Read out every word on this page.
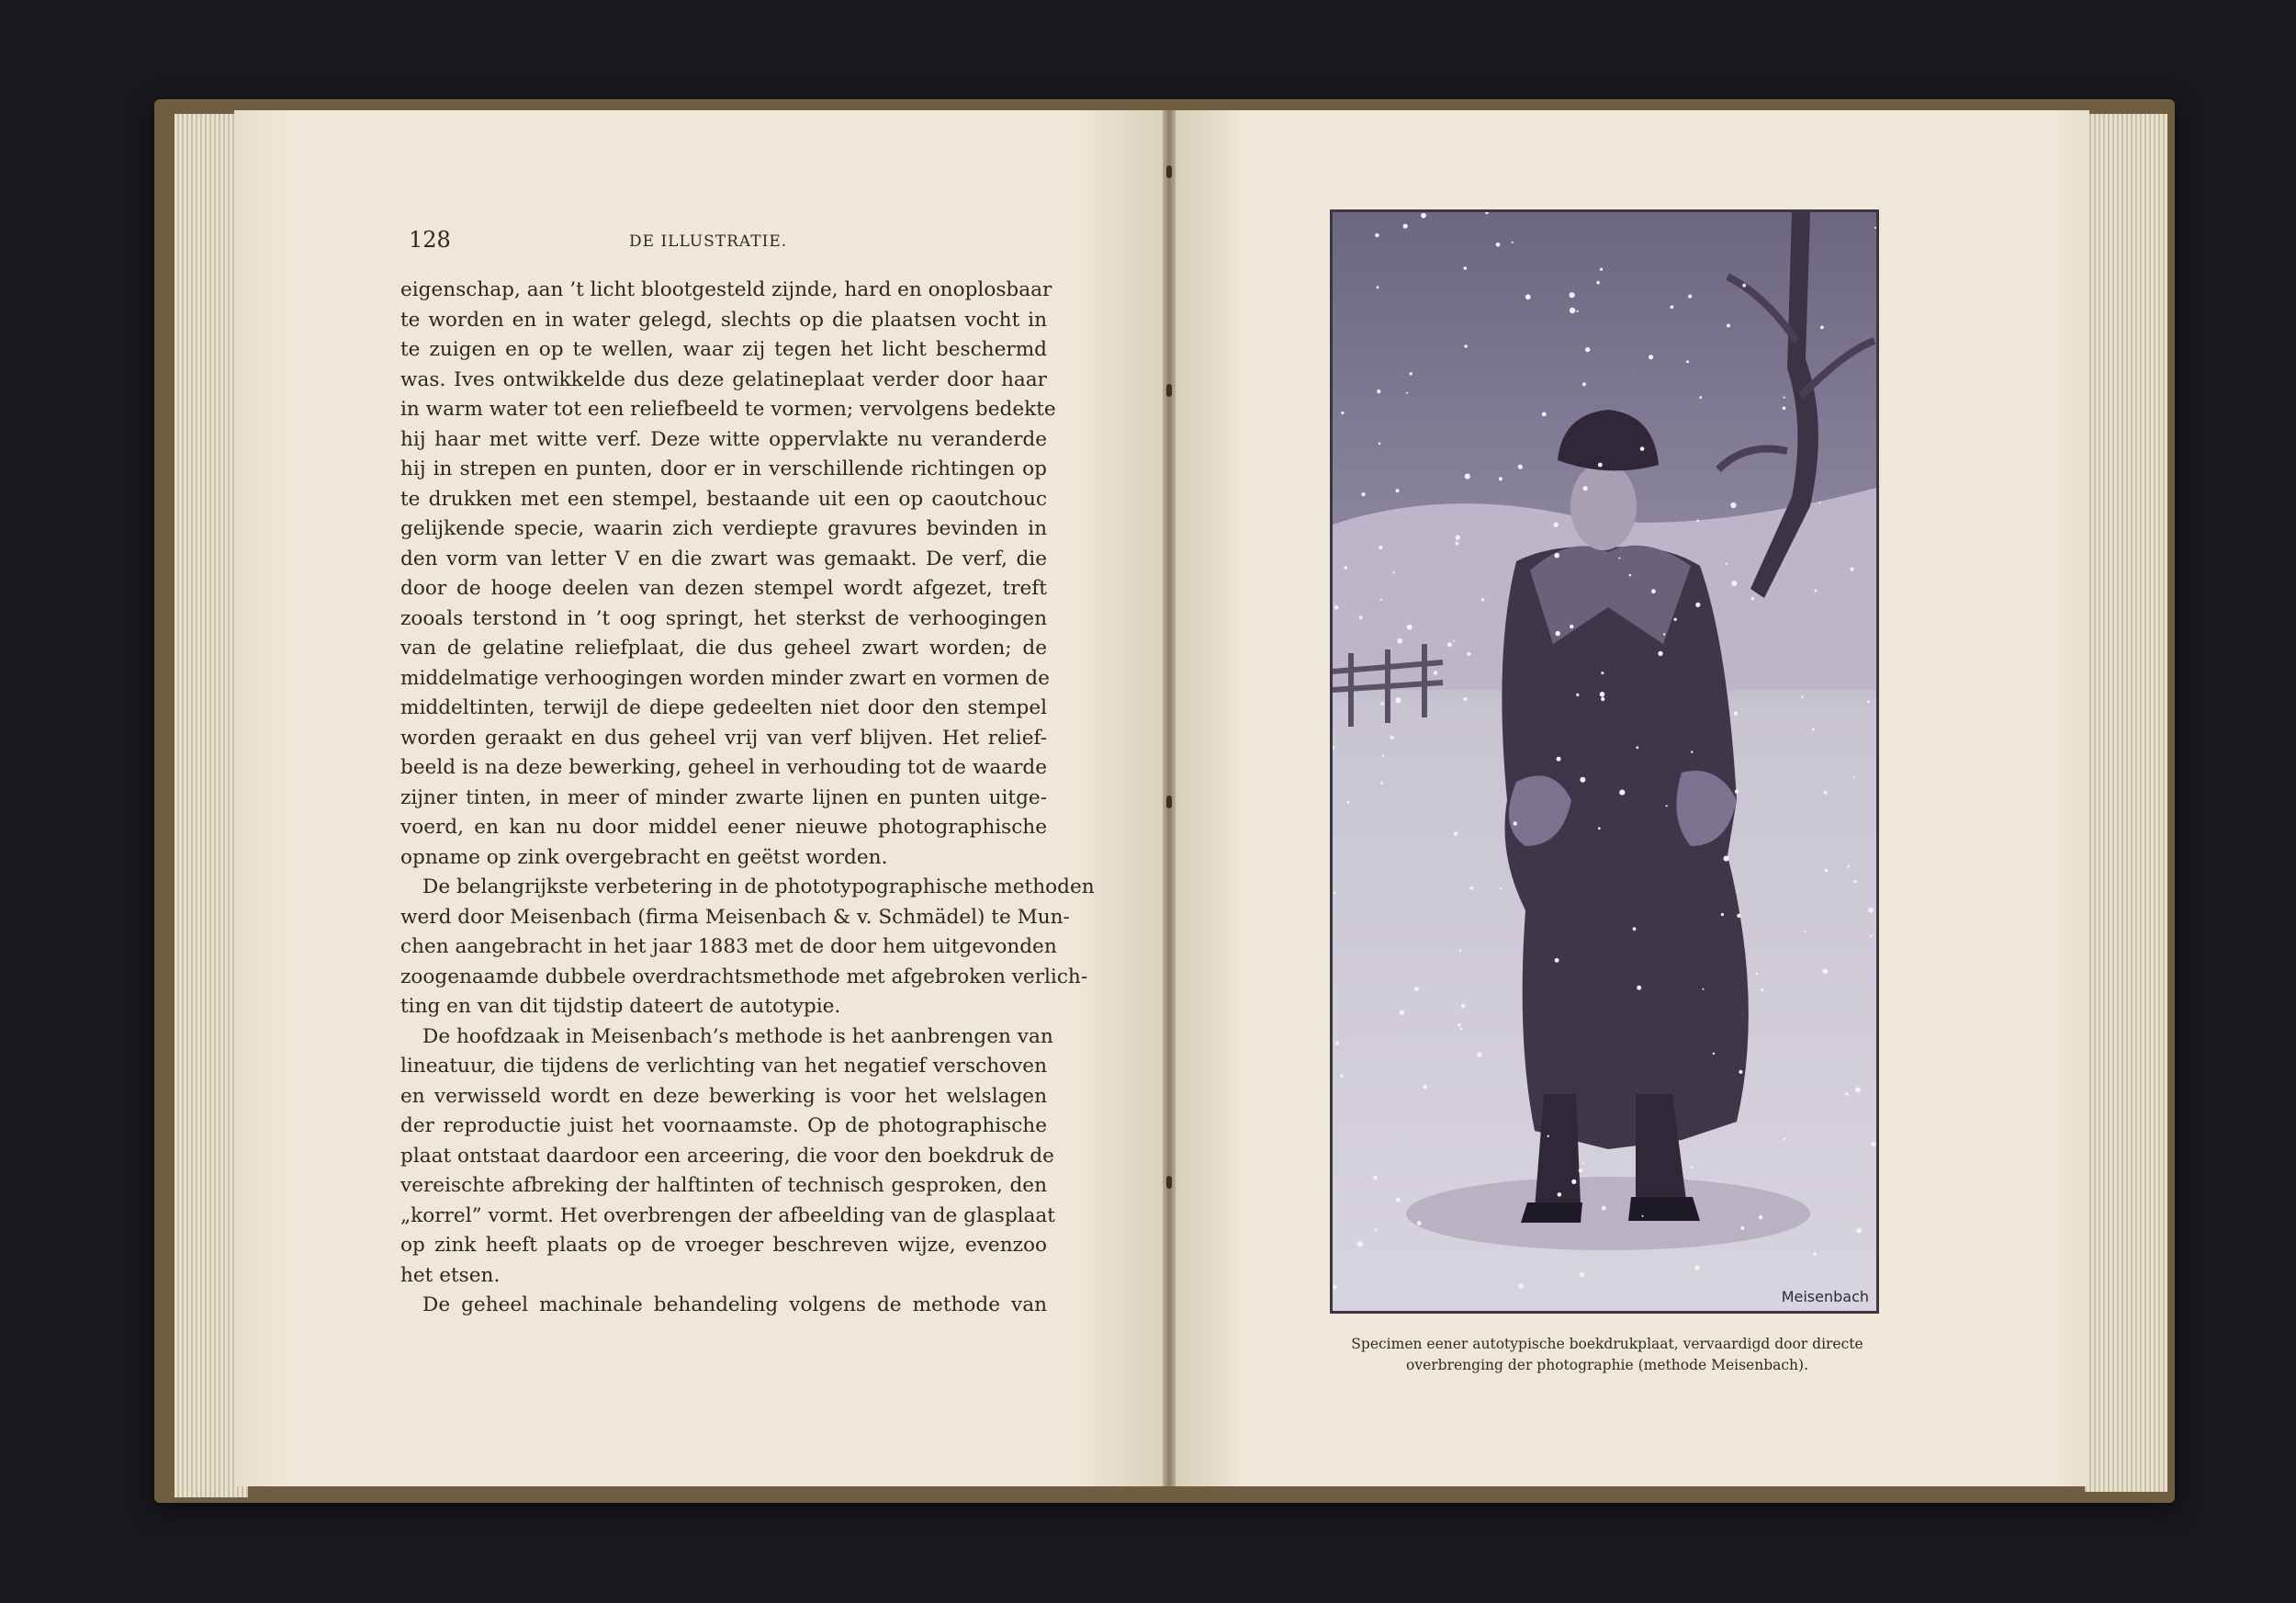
128	DE ILLUSTRATIE.
eigenschap, aan ’t licht blootgesteld zijnde, hard en onoplosbaar
te worden en in water gelegd, slechts op die plaatsen vocht in
te zuigen en op te wellen, waar zij tegen het licht beschermd
was. Ives ontwikkelde dus deze gelatineplaat verder door haar
in warm water tot een reliefbeeld te vormen; vervolgens bedekte
hij haar met witte verf. Deze witte oppervlakte nu veranderde
hij in strepen en punten, door er in verschillende richtingen op
te drukken met een stempel, bestaande uit een op caoutchouc
gelijkende specie, waarin zich verdiepte gravures bevinden in
den vorm van letter V en die zwart was gemaakt. De verf, die
door de hooge deelen van dezen stempel wordt afgezet, treft
zooals terstond in ’t oog springt, het sterkst de verhoogingen
van de gelatine reliefplaat, die dus geheel zwart worden; de
middelmatige verhoogingen worden minder zwart en vormen de
middeltinten, terwijl de diepe gedeelten niet door den stempel
worden geraakt en dus geheel vrij van verf blijven. Het relief-
beeld is na deze bewerking, geheel in verhouding tot de waarde
zijner tinten, in meer of minder zwarte lijnen en punten uitge-
voerd, en kan nu door middel eener nieuwe photographische
opname op zink overgebracht en geëtst worden.
De belangrijkste verbetering in de phototypographische methoden
werd door Meisenbach (firma Meisenbach & v. Schmädel) te Mun-
chen aangebracht in het jaar 1883 met de door hem uitgevonden
zoogenaamde dubbele overdrachtsmethode met afgebroken verlich-
ting en van dit tijdstip dateert de autotypie.
De hoofdzaak in Meisenbach’s methode is het aanbrengen van
lineatuur, die tijdens de verlichting van het negatief verschoven
en verwisseld wordt en deze bewerking is voor het welslagen
der reproductie juist het voornaamste. Op de photographische
plaat ontstaat daardoor een arceering, die voor den boekdruk de
vereischte afbreking der halftinten of technisch gesproken, den
„korrel” vormt. Het overbrengen der afbeelding van de glasplaat
op zink heeft plaats op de vroeger beschreven wijze, evenzoo
het etsen.
De geheel machinale behandeling volgens de methode van	Meisenbach
Specimen eener autotypische boekdrukplaat, vervaardigd door directe
overbrenging der photographie (methode Meisenbach).
